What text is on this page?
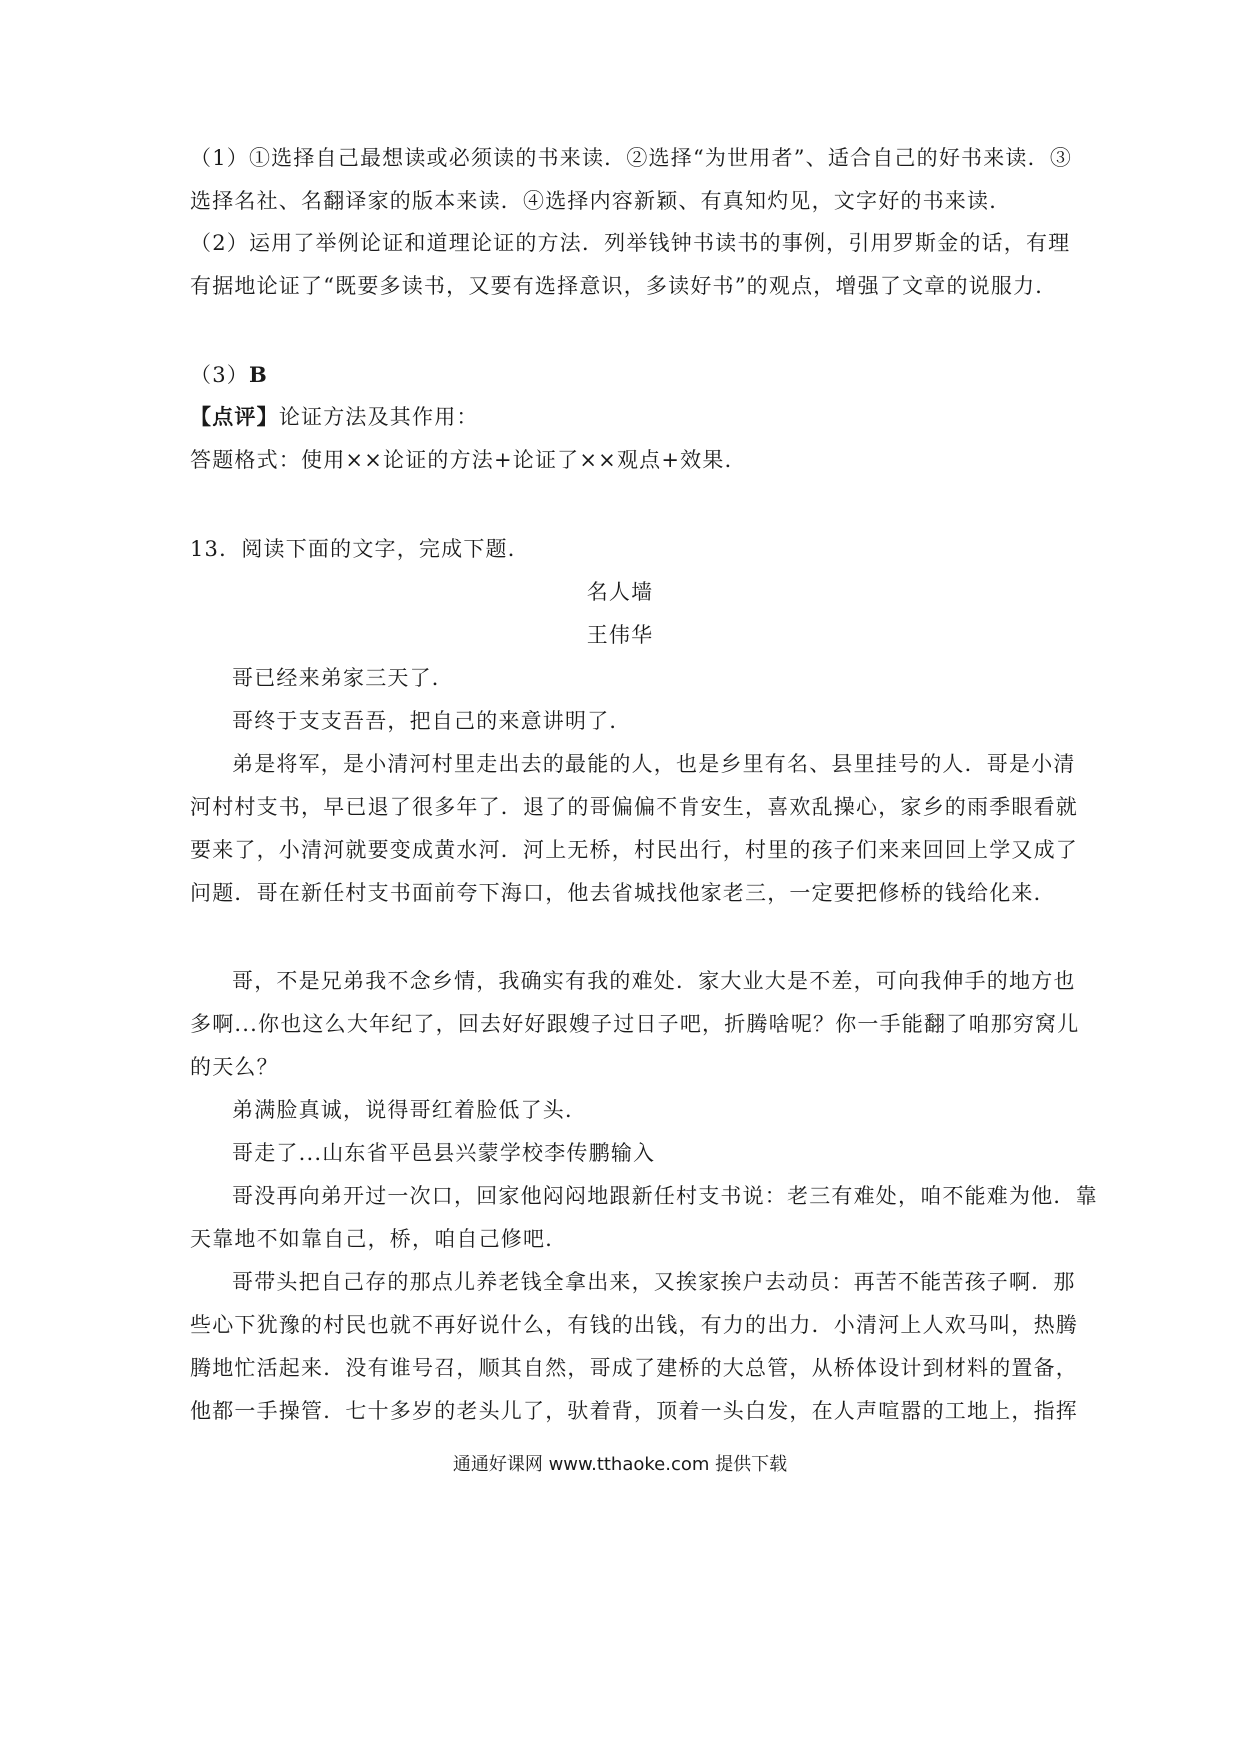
（1）①选择自己最想读或必须读的书来读．②选择“为世用者”、适合自己的好书来读．③
选择名社、名翻译家的版本来读．④选择内容新颖、有真知灼见，文字好的书来读．
（2）运用了举例论证和道理论证的方法．列举钱钟书读书的事例，引用罗斯金的话，有理
有据地论证了“既要多读书，又要有选择意识，多读好书”的观点，增强了文章的说服力．
（3）B
【点评】论证方法及其作用：
答题格式：使用××论证的方法+论证了××观点+效果．
13．阅读下面的文字，完成下题．
名人墙
王伟华
哥已经来弟家三天了．
哥终于支支吾吾，把自己的来意讲明了．
弟是将军，是小清河村里走出去的最能的人，也是乡里有名、县里挂号的人．哥是小清
河村村支书，早已退了很多年了．退了的哥偏偏不肯安生，喜欢乱操心，家乡的雨季眼看就
要来了，小清河就要变成黄水河．河上无桥，村民出行，村里的孩子们来来回回上学又成了
问题．哥在新任村支书面前夸下海口，他去省城找他家老三，一定要把修桥的钱给化来．
哥，不是兄弟我不念乡情，我确实有我的难处．家大业大是不差，可向我伸手的地方也
多啊...你也这么大年纪了，回去好好跟嫂子过日子吧，折腾啥呢？你一手能翻了咱那穷窝儿
的天么？
弟满脸真诚，说得哥红着脸低了头．
哥走了...山东省平邑县兴蒙学校李传鹏输入
哥没再向弟开过一次口，回家他闷闷地跟新任村支书说：老三有难处，咱不能难为他．靠
天靠地不如靠自己，桥，咱自己修吧．
哥带头把自己存的那点儿养老钱全拿出来，又挨家挨户去动员：再苦不能苦孩子啊．那
些心下犹豫的村民也就不再好说什么，有钱的出钱，有力的出力．小清河上人欢马叫，热腾
腾地忙活起来．没有谁号召，顺其自然，哥成了建桥的大总管，从桥体设计到材料的置备，
他都一手操管．七十多岁的老头儿了，驮着背，顶着一头白发，在人声喧嚣的工地上，指挥
通通好课网 www.tthaoke.com 提供下载
